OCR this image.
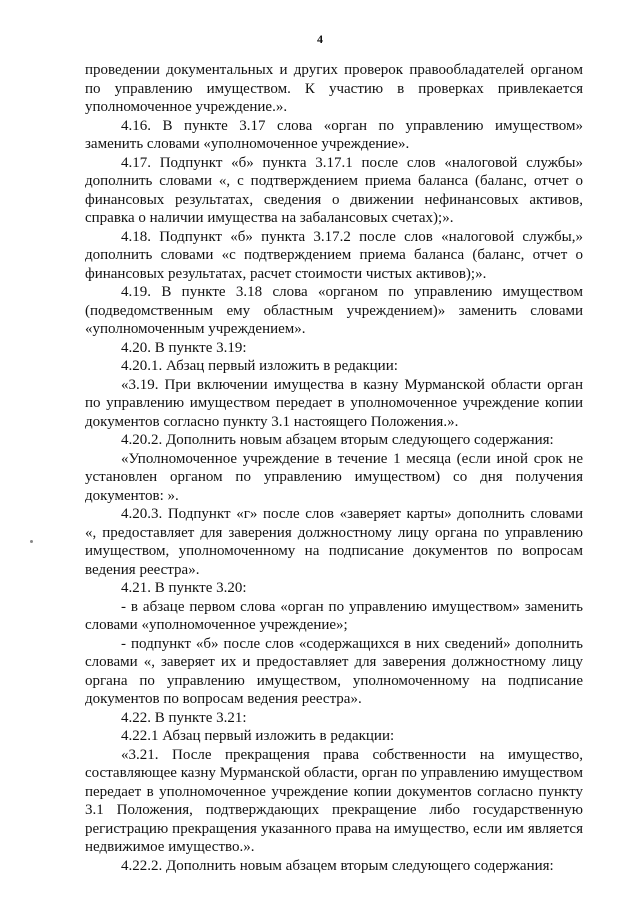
4

проведении документальных и других проверок правообладателей органом по управлению имуществом. К участию в проверках привлекается уполномоченное учреждение.».

4.16. В пункте 3.17 слова «орган по управлению имуществом» заменить словами «уполномоченное учреждение».

4.17. Подпункт «б» пункта 3.17.1 после слов «налоговой службы» дополнить словами «, с подтверждением приема баланса (баланс, отчет о финансовых результатах, сведения о движении нефинансовых активов, справка о наличии имущества на забалансовых счетах);».

4.18. Подпункт «б» пункта 3.17.2 после слов «налоговой службы,» дополнить словами «с подтверждением приема баланса (баланс, отчет о финансовых результатах, расчет стоимости чистых активов);».

4.19. В пункте 3.18 слова «органом по управлению имуществом (подведомственным ему областным учреждением)» заменить словами «уполномоченным учреждением».

4.20. В пункте 3.19:

4.20.1. Абзац первый изложить в редакции:

«3.19. При включении имущества в казну Мурманской области орган по управлению имуществом передает в уполномоченное учреждение копии документов согласно пункту 3.1 настоящего Положения.».

4.20.2. Дополнить новым абзацем вторым следующего содержания:

«Уполномоченное учреждение в течение 1 месяца (если иной срок не установлен органом по управлению имуществом) со дня получения документов: ».

4.20.3. Подпункт «г» после слов «заверяет карты» дополнить словами «, предоставляет для заверения должностному лицу органа по управлению имуществом, уполномоченному на подписание документов по вопросам ведения реестра».

4.21. В пункте 3.20:

- в абзаце первом слова «орган по управлению имуществом» заменить словами «уполномоченное учреждение»;

- подпункт «б» после слов «содержащихся в них сведений» дополнить словами «, заверяет их и предоставляет для заверения должностному лицу органа по управлению имуществом, уполномоченному на подписание документов по вопросам ведения реестра».

4.22. В пункте 3.21:

4.22.1 Абзац первый изложить в редакции:

«3.21. После прекращения права собственности на имущество, составляющее казну Мурманской области, орган по управлению имуществом передает в уполномоченное учреждение копии документов согласно пункту 3.1 Положения, подтверждающих прекращение либо государственную регистрацию прекращения указанного права на имущество, если им является недвижимое имущество.».

4.22.2. Дополнить новым абзацем вторым следующего содержания:
